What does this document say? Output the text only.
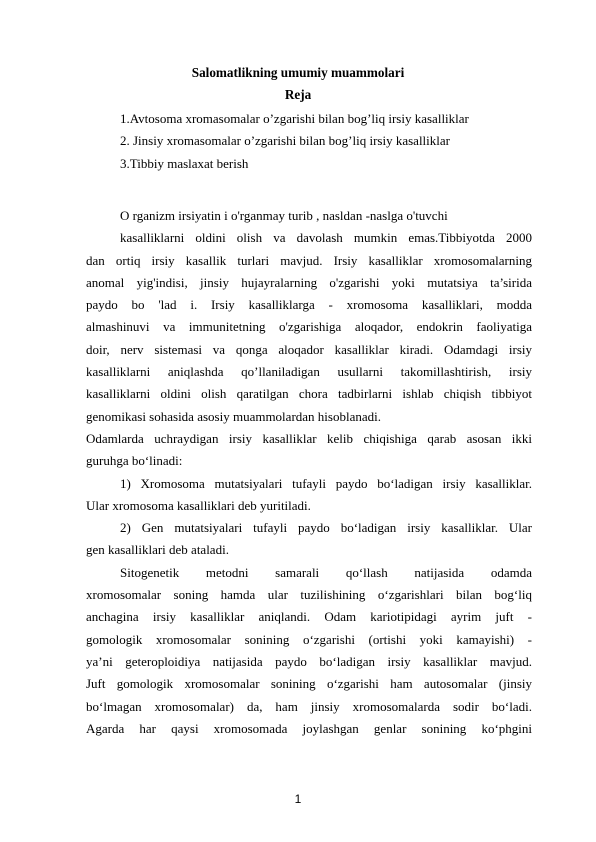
Salomatlikning umumiy muammolari
Reja
1.Avtosoma xromasomalar o’zgarishi bilan bog’liq irsiy kasalliklar
2. Jinsiy xromasomalar o’zgarishi bilan bog’liq irsiy kasalliklar
3.Tibbiy maslaxat berish
O rganizm irsiyatin i o'rganmay turib , nasldan -naslga o'tuvchi
kasalliklarni oldini olish va davolash mumkin emas.Tibbiyotda 2000
dan ortiq irsiy kasallik turlari mavjud. Irsiy kasalliklar xromosomalarning
anomal yig'indisi, jinsiy hujayralarning o'zgarishi yoki mutatsiya ta’sirida
paydo bo 'lad i. Irsiy kasalliklarga - xromosoma kasalliklari, modda
almashinuvi va immunitetning o'zgarishiga aloqador, endokrin faoliyatiga
doir, nerv sistemasi va qonga aloqador kasalliklar kiradi. Odamdagi irsiy
kasalliklarni aniqlashda qo’llaniladigan usullarni takomillashtirish, irsiy
kasalliklarni oldini olish qaratilgan chora tadbirlarni ishlab chiqish tibbiyot
genomikasi sohasida asosiy muammolardan hisoblanadi.
Odamlarda uchraydigan irsiy kasalliklar kelib chiqishiga qarab asosan ikki
guruhga bo‘linadi:
1) Xromosoma mutatsiyalari tufayli paydo bo‘ladigan irsiy kasalliklar.
Ular xromosoma kasalliklari deb yuritiladi.
2) Gen mutatsiyalari tufayli paydo bo‘ladigan irsiy kasalliklar. Ular
gen kasalliklari deb ataladi.
Sitogenetik metodni samarali qo‘llash natijasida odamda
xromosomalar soning hamda ular tuzilishining o‘zgarishlari bilan bog‘liq
anchagina irsiy kasalliklar aniqlandi. Odam kariotipidagi ayrim juft -
gomologik xromosomalar sonining o‘zgarishi (ortishi yoki kamayishi) -
ya’ni geteroploidiya natijasida paydo bo‘ladigan irsiy kasalliklar mavjud.
Juft gomologik xromosomalar sonining o‘zgarishi ham autosomalar (jinsiy
bo‘lmagan xromosomalar) da, ham jinsiy xromosomalarda sodir bo‘ladi.
Agarda har qaysi xromosomada joylashgan genlar sonining ko‘phgini
1
